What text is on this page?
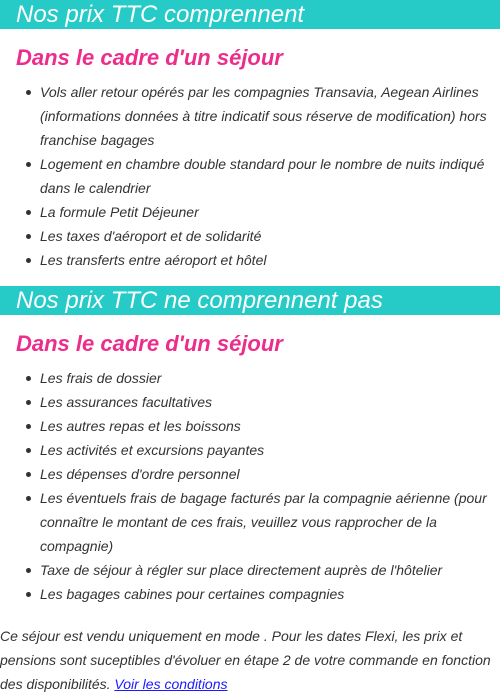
Nos prix TTC comprennent
Dans le cadre d'un séjour
Vols aller retour opérés par les compagnies Transavia, Aegean Airlines (informations données à titre indicatif sous réserve de modification) hors franchise bagages
Logement en chambre double standard pour le nombre de nuits indiqué dans le calendrier
La formule Petit Déjeuner
Les taxes d'aéroport et de solidarité
Les transferts entre aéroport et hôtel
Nos prix TTC ne comprennent pas
Dans le cadre d'un séjour
Les frais de dossier
Les assurances facultatives
Les autres repas et les boissons
Les activités et excursions payantes
Les dépenses d'ordre personnel
Les éventuels frais de bagage facturés par la compagnie aérienne (pour connaître le montant de ces frais, veuillez vous rapprocher de la compagnie)
Taxe de séjour à régler sur place directement auprès de l'hôtelier
Les bagages cabines pour certaines compagnies

Ce séjour est vendu uniquement en mode . Pour les dates Flexi, les prix et pensions sont suceptibles d'évoluer en étape 2 de votre commande en fonction des disponibilités. Voir les conditions
